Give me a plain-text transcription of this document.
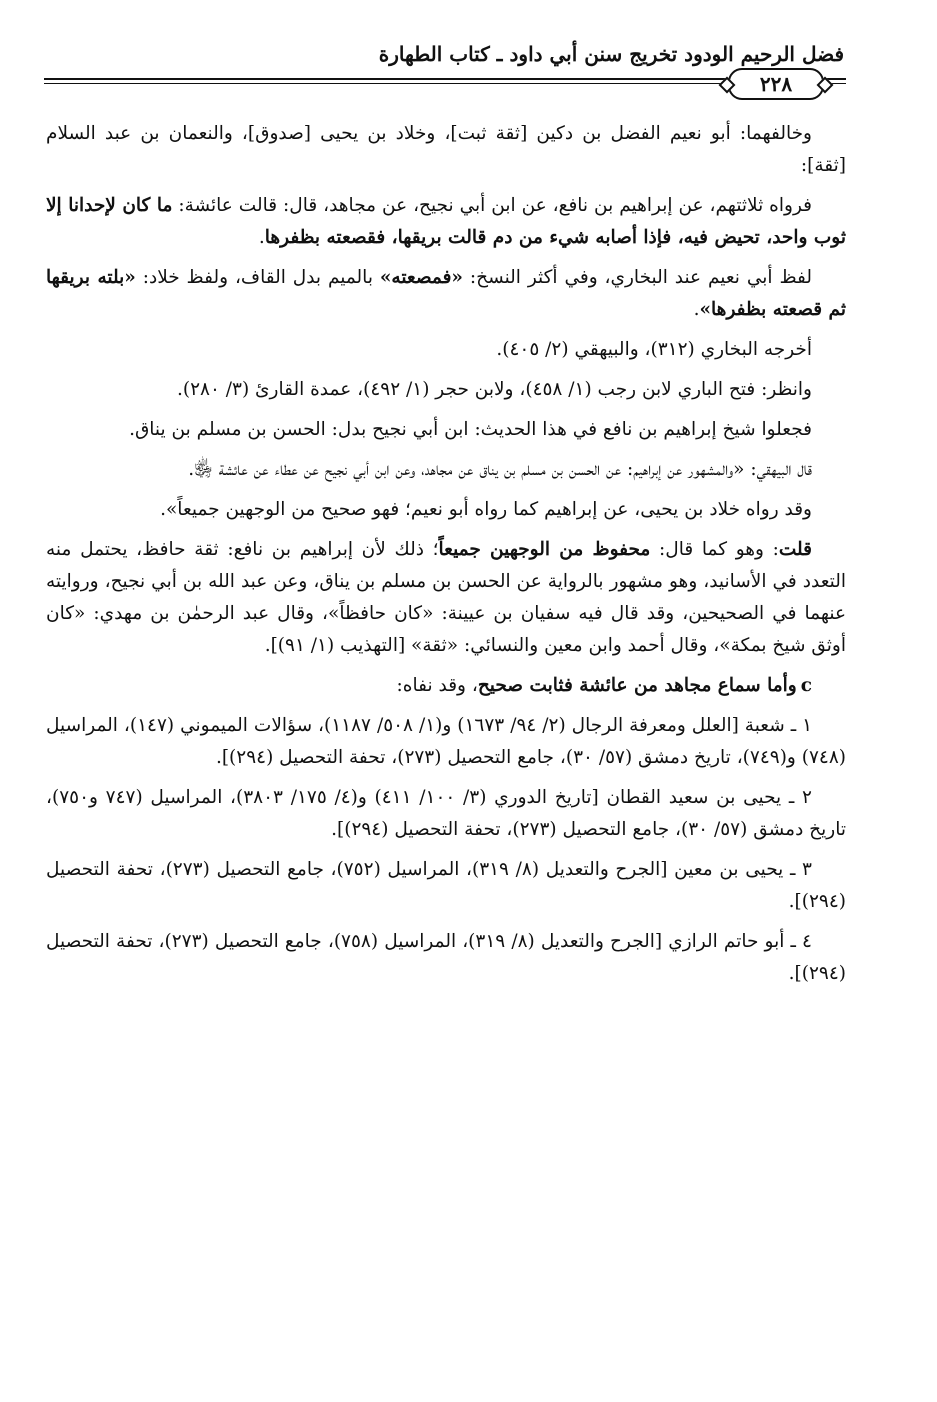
فضل الرحيم الودود تخريج سنن أبي داود ـ كتاب الطهارة
٢٢٨

وخالفهما: أبو نعيم الفضل بن دكين [ثقة ثبت]، وخلاد بن يحيى [صدوق]، والنعمان بن عبد السلام [ثقة]:

فرواه ثلاثتهم، عن إبراهيم بن نافع، عن ابن أبي نجيح، عن مجاهد، قال: قالت عائشة: ما كان لإحدانا إلا ثوب واحد، تحيض فيه، فإذا أصابه شيء من دم قالت بريقها، فقصعته بظفرها.

لفظ أبي نعيم عند البخاري، وفي أكثر النسخ: «فمصعته» بالميم بدل القاف، ولفظ خلاد: «بلته بريقها ثم قصعته بظفرها».

أخرجه البخاري (٣١٢)، والبيهقي (٢/ ٤٠٥).

وانظر: فتح الباري لابن رجب (١/ ٤٥٨)، ولابن حجر (١/ ٤٩٢)، عمدة القارئ (٣/ ٢٨٠).

فجعلوا شيخ إبراهيم بن نافع في هذا الحديث: ابن أبي نجيح بدل: الحسن بن مسلم بن يناق.

قال البيهقي: «والمشهور عن إبراهيم: عن الحسن بن مسلم بن يناق عن مجاهد، وعن ابن أبي نجيح عن عطاء عن عائشة ﵂.

وقد رواه خلاد بن يحيى، عن إبراهيم كما رواه أبو نعيم؛ فهو صحيح من الوجهين جميعاً».

قلت: وهو كما قال: محفوظ من الوجهين جميعاً؛ ذلك لأن إبراهيم بن نافع: ثقة حافظ، يحتمل منه التعدد في الأسانيد، وهو مشهور بالرواية عن الحسن بن مسلم بن يناق، وعن عبد الله بن أبي نجيح، وروايته عنهما في الصحيحين، وقد قال فيه سفيان بن عيينة: «كان حافظاً»، وقال عبد الرحمٰن بن مهدي: «كان أوثق شيخ بمكة»، وقال أحمد وابن معين والنسائي: «ثقة» [التهذيب (١/ ٩١)].

cوأما سماع مجاهد من عائشة فثابت صحيح، وقد نفاه:

١ ـ شعبة [العلل ومعرفة الرجال (٢/ ٩٤/ ١٦٧٣) و(١/ ٥٠٨/ ١١٨٧)، سؤالات الميموني (١٤٧)، المراسيل (٧٤٨) و(٧٤٩)، تاريخ دمشق (٥٧/ ٣٠)، جامع التحصيل (٢٧٣)، تحفة التحصيل (٢٩٤)].

٢ ـ يحيى بن سعيد القطان [تاريخ الدوري (٣/ ١٠٠/ ٤١١) و(٤/ ١٧٥/ ٣٨٠٣)، المراسيل (٧٤٧ و٧٥٠)، تاريخ دمشق (٥٧/ ٣٠)، جامع التحصيل (٢٧٣)، تحفة التحصيل (٢٩٤)].

٣ ـ يحيى بن معين [الجرح والتعديل (٨/ ٣١٩)، المراسيل (٧٥٢)، جامع التحصيل (٢٧٣)، تحفة التحصيل (٢٩٤)].

٤ ـ أبو حاتم الرازي [الجرح والتعديل (٨/ ٣١٩)، المراسيل (٧٥٨)، جامع التحصيل (٢٧٣)، تحفة التحصيل (٢٩٤)].
